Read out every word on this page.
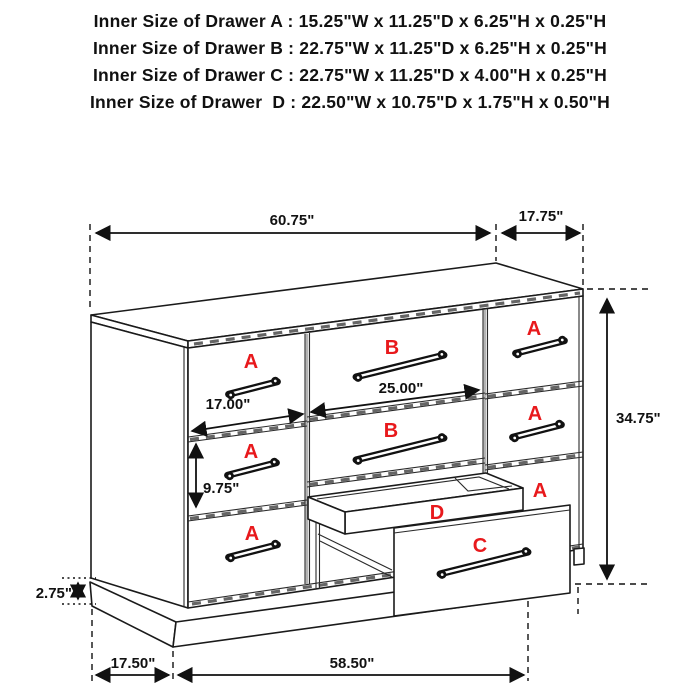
Inner Size of Drawer A : 15.25"W x 11.25"D x 6.25"H x 0.25"H
Inner Size of Drawer B : 22.75"W x 11.25"D x 6.25"H x 0.25"H
Inner Size of Drawer C : 22.75"W x 11.25"D x 4.00"H x 0.25"H
Inner Size of Drawer  D : 22.50"W x 10.75"D x 1.75"H x 0.50"H
60.75"	17.75"
A
A
A
B
B
A
A
A
D
C
17.00"
25.00"
9.75"
34.75"
2.75"
17.50"	58.50"
